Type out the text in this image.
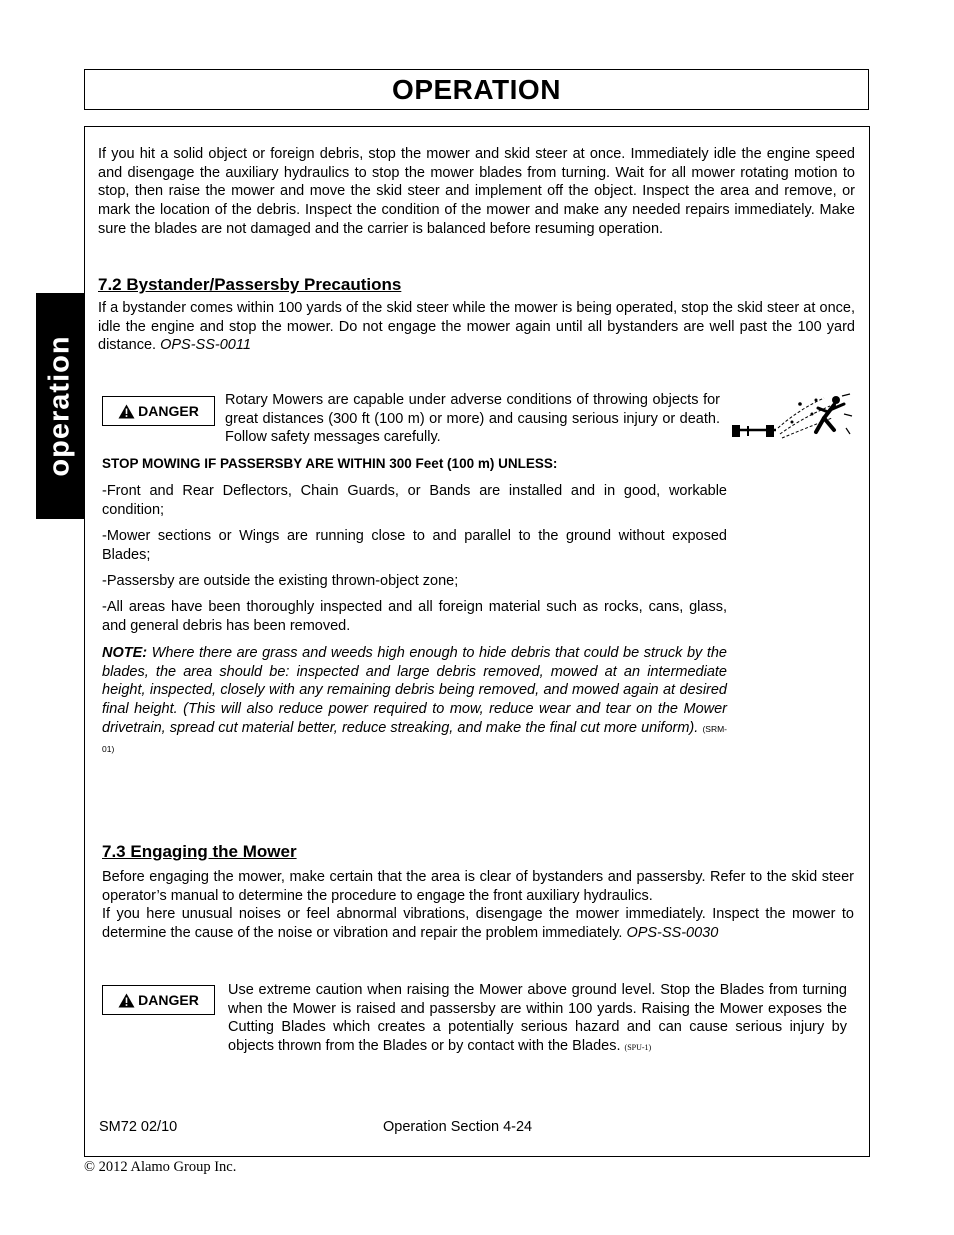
OPERATION
operation

If you hit a solid object or foreign debris, stop the mower and skid steer at once. Immediately idle the engine speed and disengage the auxiliary hydraulics to stop the mower blades from turning. Wait for all mower rotating motion to stop, then raise the mower and move the skid steer and implement off the object. Inspect the area and remove, or mark the location of the debris. Inspect the condition of the mower and make any needed repairs immediately. Make sure the blades are not damaged and the carrier is balanced before resuming operation.

7.2 Bystander/Passersby Precautions

If a bystander comes within 100 yards of the skid steer while the mower is being operated, stop the skid steer at once, idle the engine and stop the mower. Do not engage the mower again until all bystanders are well past the 100 yard distance. OPS-SS-0011

DANGER

Rotary Mowers are capable under adverse conditions of throwing objects for great distances (300 ft (100 m) or more) and causing serious injury or death. Follow safety messages carefully.

STOP MOWING IF PASSERSBY ARE WITHIN 300 Feet (100 m) UNLESS:

-Front and Rear Deflectors, Chain Guards, or Bands are installed and in good, workable condition;

-Mower sections or Wings are running close to and parallel to the ground without exposed Blades;

-Passersby are outside the existing thrown-object zone;

-All areas have been thoroughly inspected and all foreign material such as rocks, cans, glass, and general debris has been removed.

NOTE: Where there are grass and weeds high enough to hide debris that could be struck by the blades, the area should be: inspected and large debris removed, mowed at an intermediate height, inspected, closely with any remaining debris being removed, and mowed again at desired final height. (This will also reduce power required to mow, reduce wear and tear on the Mower drivetrain, spread cut material better, reduce streaking, and make the final cut more uniform). (SRM-01)

7.3 Engaging the Mower

Before engaging the mower, make certain that the area is clear of bystanders and passersby. Refer to the skid steer operator’s manual to determine the procedure to engage the front auxiliary hydraulics.

If you here unusual noises or feel abnormal vibrations, disengage the mower immediately. Inspect the mower to determine the cause of the noise or vibration and repair the problem immediately. OPS-SS-0030

DANGER

Use extreme caution when raising the Mower above ground level. Stop the Blades from turning when the Mower is raised and passersby are within 100 yards. Raising the Mower exposes the Cutting Blades which creates a potentially serious hazard and can cause serious injury by objects thrown from the Blades or by contact with the Blades. (SPU-1)

SM72 02/10	Operation Section 4-24
© 2012 Alamo Group Inc.
